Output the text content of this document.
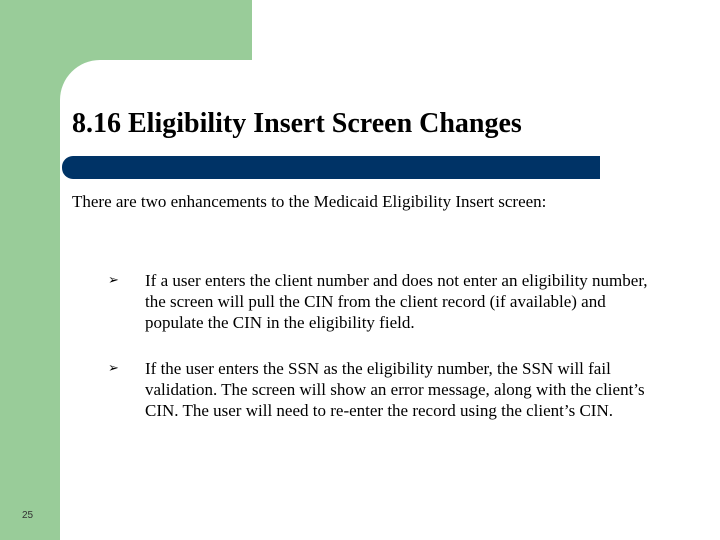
8.16 Eligibility Insert Screen Changes

There are two enhancements to the Medicaid Eligibility Insert screen:

➢ If a user enters the client number and does not enter an eligibility number, the screen will pull the CIN from the client record (if available) and populate the CIN in the eligibility field.
➢ If the user enters the SSN as the eligibility number, the SSN will fail validation. The screen will show an error message, along with the client’s CIN. The user will need to re-enter the record using the client’s CIN.
25
